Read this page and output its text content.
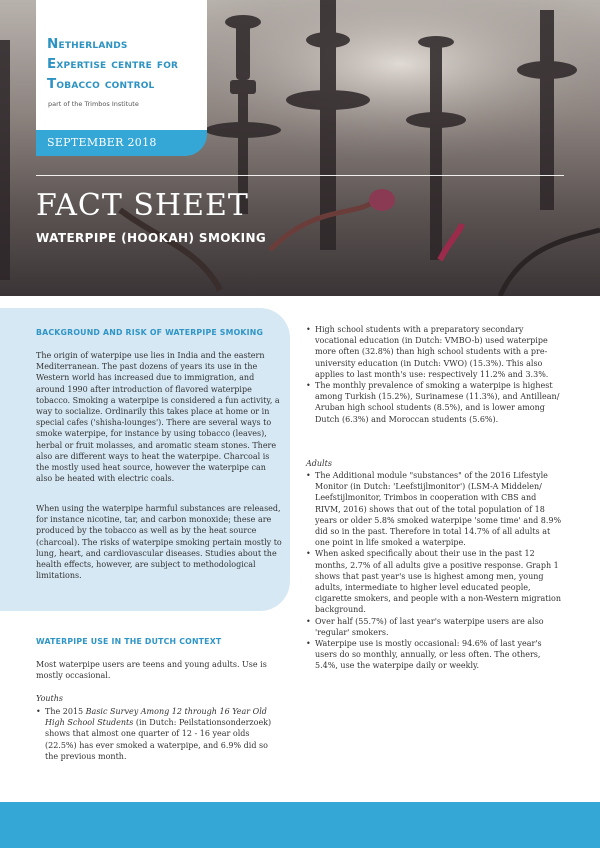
Netherlands
Expertise centre for
Tobacco control
part of the Trimbos Institute
SEPTEMBER 2018
FACT SHEET
WATERPIPE (HOOKAH) SMOKING
BACKGROUND AND RISK OF WATERPIPE SMOKING

The origin of waterpipe use lies in India and the eastern Mediterranean. The past dozens of years its use in the Western world has increased due to immigration, and around 1990 after introduction of flavored waterpipe tobacco. Smoking a waterpipe is considered a fun activity, a way to socialize. Ordinarily this takes place at home or in special cafes ('shisha-lounges'). There are several ways to smoke waterpipe, for instance by using tobacco (leaves), herbal or fruit molasses, and aromatic steam stones. There also are different ways to heat the waterpipe. Charcoal is the mostly used heat source, however the waterpipe can also be heated with electric coals.

When using the waterpipe harmful substances are released, for instance nicotine, tar, and carbon monoxide; these are produced by the tobacco as well as by the heat source (charcoal). The risks of waterpipe smoking pertain mostly to lung, heart, and cardiovascular diseases. Studies about the health effects, however, are subject to methodological limitations.

WATERPIPE USE IN THE DUTCH CONTEXT

Most waterpipe users are teens and young adults. Use is mostly occasional.

Youths
• The 2015 Basic Survey Among 12 through 16 Year Old High School Students (in Dutch: Peilstationsonderzoek) shows that almost one quarter of 12 - 16 year olds (22.5%) has ever smoked a waterpipe, and 6.9% did so the previous month.
• High school students with a preparatory secondary vocational education (in Dutch: VMBO-b) used waterpipe more often (32.8%) than high school students with a pre-university education (in Dutch: VWO) (15.3%). This also applies to last month's use: respectively 11.2% and 3.3%.
• The monthly prevalence of smoking a waterpipe is highest among Turkish (15.2%), Surinamese (11.3%), and Antillean/ Aruban high school students (8.5%), and is lower among Dutch (6.3%) and Moroccan students (5.6%).
Adults
• The Additional module "substances" of the 2016 Lifestyle Monitor (in Dutch: 'Leefstijlmonitor') (LSM-A Middelen/ Leefstijlmonitor, Trimbos in cooperation with CBS and RIVM, 2016) shows that out of the total population of 18 years or older 5.8% smoked waterpipe 'some time' and 8.9% did so in the past. Therefore in total 14.7% of all adults at one point in life smoked a waterpipe.
• When asked specifically about their use in the past 12 months, 2.7% of all adults give a positive response. Graph 1 shows that past year's use is highest among men, young adults, intermediate to higher level educated people, cigarette smokers, and people with a non-Western migration background.
• Over half (55.7%) of last year's waterpipe users are also 'regular' smokers.
• Waterpipe use is mostly occasional: 94.6% of last year's users do so monthly, annually, or less often. The others, 5.4%, use the waterpipe daily or weekly.
